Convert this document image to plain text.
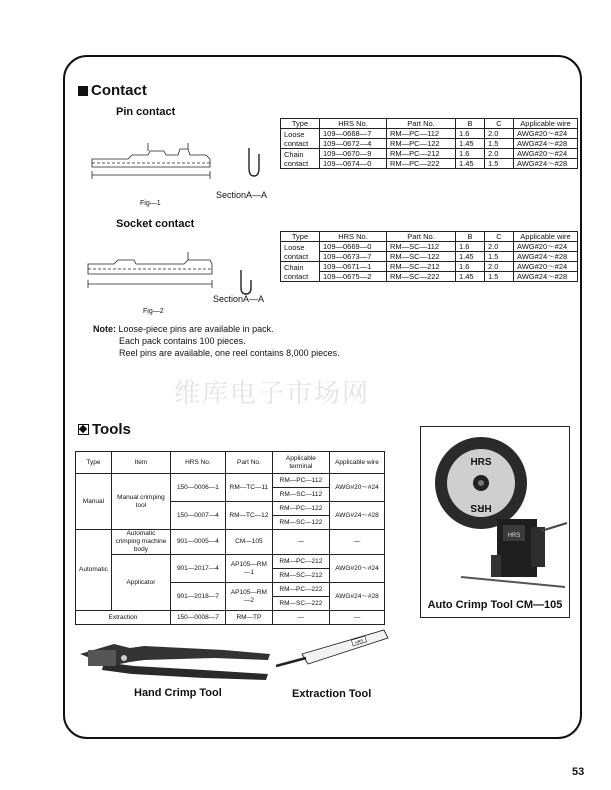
Contact
Pin contact
Fig—1
SectionA—A
Type	HRS No.	Part No.	B	C	Applicable wire
Loose contact	109—0668—7	RM—PC—112	1.6	2.0	AWG#20〜#24
	109—0672—4	RM—PC—122	1.45	1.5	AWG#24〜#28
Chain contact	109—0670—9	RM—PC—212	1.6	2.0	AWG#20〜#24
	109—0674—0	RM—PC—222	1.45	1.5	AWG#24〜#28
Socket contact
Fig—2
SectionA—A
Type	HRS No.	Part No.	B	C	Applicable wire
Loose contact	109—0669—0	RM—SC—112	1.6	2.0	AWG#20〜#24
	109—0673—7	RM—SC—122	1.45	1.5	AWG#24〜#28
Chain contact	109—0671—1	RM—SC—212	1.6	2.0	AWG#20〜#24
	109—0675—2	RM—SC—222	1.45	1.5	AWG#24〜#28
Note: Loose-piece pins are available in pack.
Each pack contains 100 pieces.
Reel pins are available, one reel contains 8,000 pieces.
维库电子市场网
Tools
Type	Item	HRS No.	Part No.	Applicable terminal	Applicable wire
Manual	Manual crimping tool	150—0006—1	RM—TC—11	RM—PC—112	AWG#20〜#24
				RM—SC—112	
		150—0007—4	RM—TC—12	RM—PC—122	AWG#24〜#28
				RM—SC—122	
Automatic	Automatic crimping machine body	901—0005—4	CM—105	—	—
	Applicator	901—2017—4	AP105—RM—1	RM—PC—212	AWG#20〜#24
				RM—SC—212	
		901—2018—7	AP105—RM—2	RM—PC—222	AWG#24〜#28
				RM—SC—222	
Extraction		150—0008—7	RM—TP	—	—
HRS
HRS
HRS
Auto Crimp Tool CM—105
Hand Crimp Tool
HRS
Extraction Tool
53
